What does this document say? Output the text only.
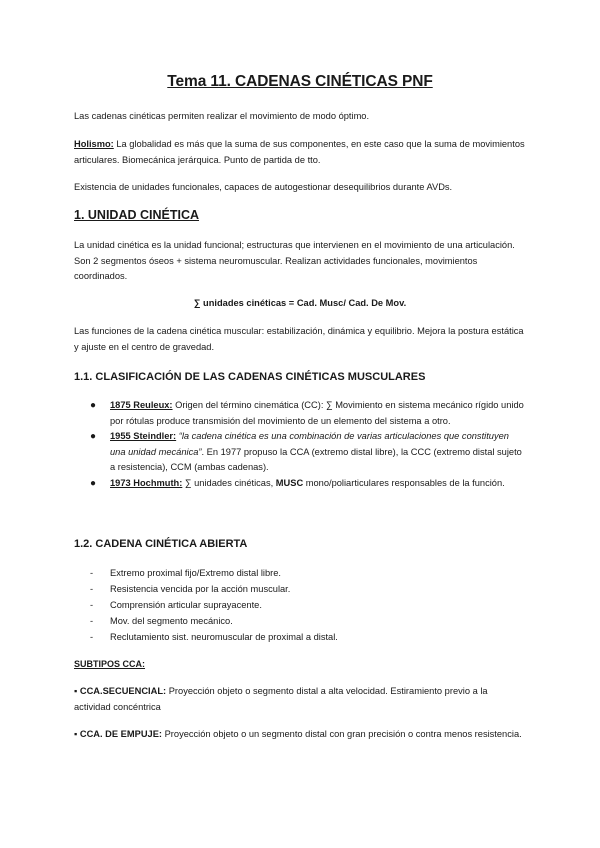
Tema 11. CADENAS CINÉTICAS PNF
Las cadenas cinéticas permiten realizar el movimiento de modo óptimo.
Holismo: La globalidad es más que la suma de sus componentes, en este caso que la suma de movimientos articulares. Biomecánica jerárquica. Punto de partida de tto.
Existencia de unidades funcionales, capaces de autogestionar desequilibrios durante AVDs.
1. UNIDAD CINÉTICA
La unidad cinética es la unidad funcional; estructuras que intervienen en el movimiento de una articulación. Son 2 segmentos óseos + sistema neuromuscular. Realizan actividades funcionales, movimientos coordinados.
∑ unidades cinéticas = Cad. Musc/ Cad. De Mov.
Las funciones de la cadena cinética muscular: estabilización, dinámica y equilibrio. Mejora la postura estática y ajuste en el centro de gravedad.
1.1. CLASIFICACIÓN DE LAS CADENAS CINÉTICAS MUSCULARES
● 1875 Reuleux: Origen del término cinemática (CC): ∑ Movimiento en sistema mecánico rígido unido por rótulas produce transmisión del movimiento de un elemento del sistema a otro.
● 1955 Steindler: “la cadena cinética es una combinación de varias articulaciones que constituyen una unidad mecánica”. En 1977 propuso la CCA (extremo distal libre), la CCC (extremo distal sujeto a resistencia), CCM (ambas cadenas).
● 1973 Hochmuth: ∑ unidades cinéticas, MUSC mono/poliarticulares responsables de la función.
1.2. CADENA CINÉTICA ABIERTA
- Extremo proximal fijo/Extremo distal libre.
- Resistencia vencida por la acción muscular.
- Comprensión articular suprayacente.
- Mov. del segmento mecánico.
- Reclutamiento sist. neuromuscular de proximal a distal.
SUBTIPOS CCA:
▪ CCA.SECUENCIAL: Proyección objeto o segmento distal a alta velocidad. Estiramiento previo a la actividad concéntrica
▪ CCA. DE EMPUJE: Proyección objeto o un segmento distal con gran precisión o contra menos resistencia.
